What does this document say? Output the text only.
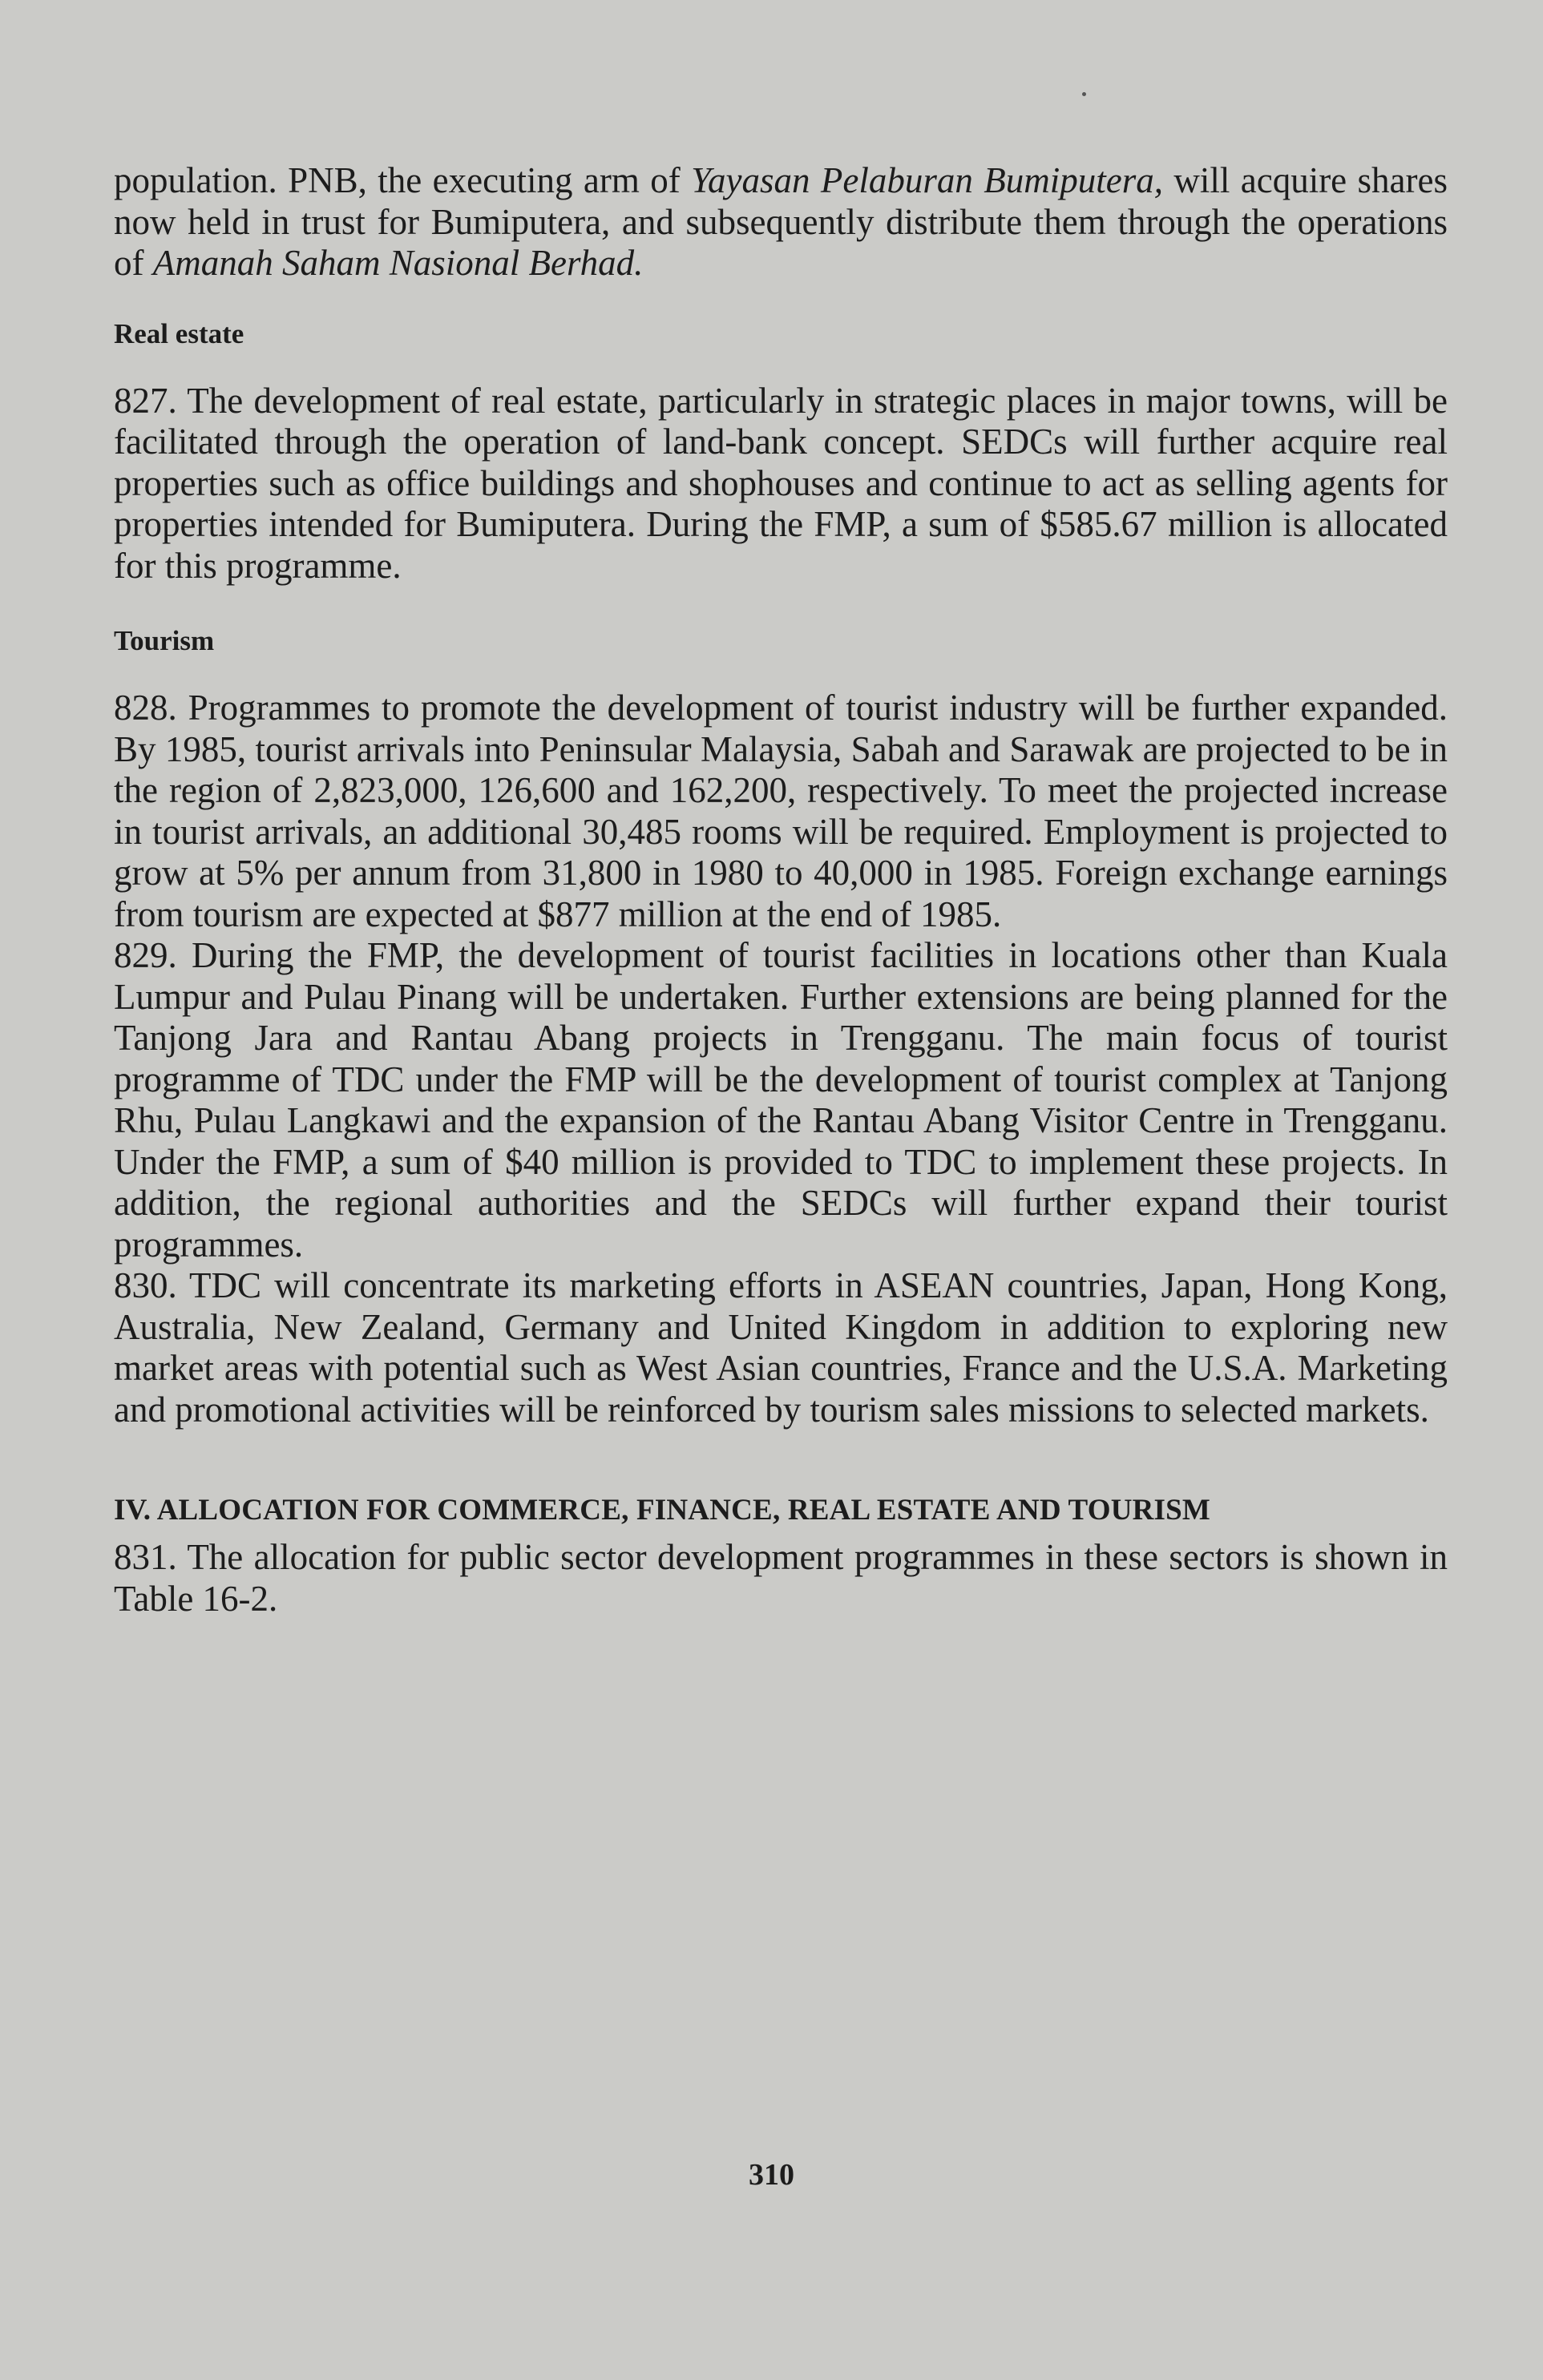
population. PNB, the executing arm of Yayasan Pelaburan Bumiputera, will acquire shares now held in trust for Bumiputera, and subsequently distribute them through the operations of Amanah Saham Nasional Berhad.

Real estate

827. The development of real estate, particularly in strategic places in major towns, will be facilitated through the operation of land-bank concept. SEDCs will further acquire real properties such as office buildings and shophouses and continue to act as selling agents for properties intended for Bumiputera. During the FMP, a sum of $585.67 million is allocated for this programme.

Tourism

828. Programmes to promote the development of tourist industry will be further expanded. By 1985, tourist arrivals into Peninsular Malaysia, Sabah and Sarawak are projected to be in the region of 2,823,000, 126,600 and 162,200, respectively. To meet the projected increase in tourist arrivals, an additional 30,485 rooms will be required. Employment is projected to grow at 5% per annum from 31,800 in 1980 to 40,000 in 1985. Foreign exchange earnings from tourism are expected at $877 million at the end of 1985.

829. During the FMP, the development of tourist facilities in locations other than Kuala Lumpur and Pulau Pinang will be undertaken. Further extensions are being planned for the Tanjong Jara and Rantau Abang projects in Trengganu. The main focus of tourist programme of TDC under the FMP will be the development of tourist complex at Tanjong Rhu, Pulau Langkawi and the expansion of the Rantau Abang Visitor Centre in Trengganu. Under the FMP, a sum of $40 million is provided to TDC to implement these projects. In addition, the regional authorities and the SEDCs will further expand their tourist programmes.

830. TDC will concentrate its marketing efforts in ASEAN countries, Japan, Hong Kong, Australia, New Zealand, Germany and United Kingdom in addition to exploring new market areas with potential such as West Asian countries, France and the U.S.A. Marketing and promotional activities will be reinforced by tourism sales missions to selected markets.

IV. ALLOCATION FOR COMMERCE, FINANCE, REAL ESTATE AND TOURISM

831. The allocation for public sector development programmes in these sectors is shown in Table 16-2.

310
